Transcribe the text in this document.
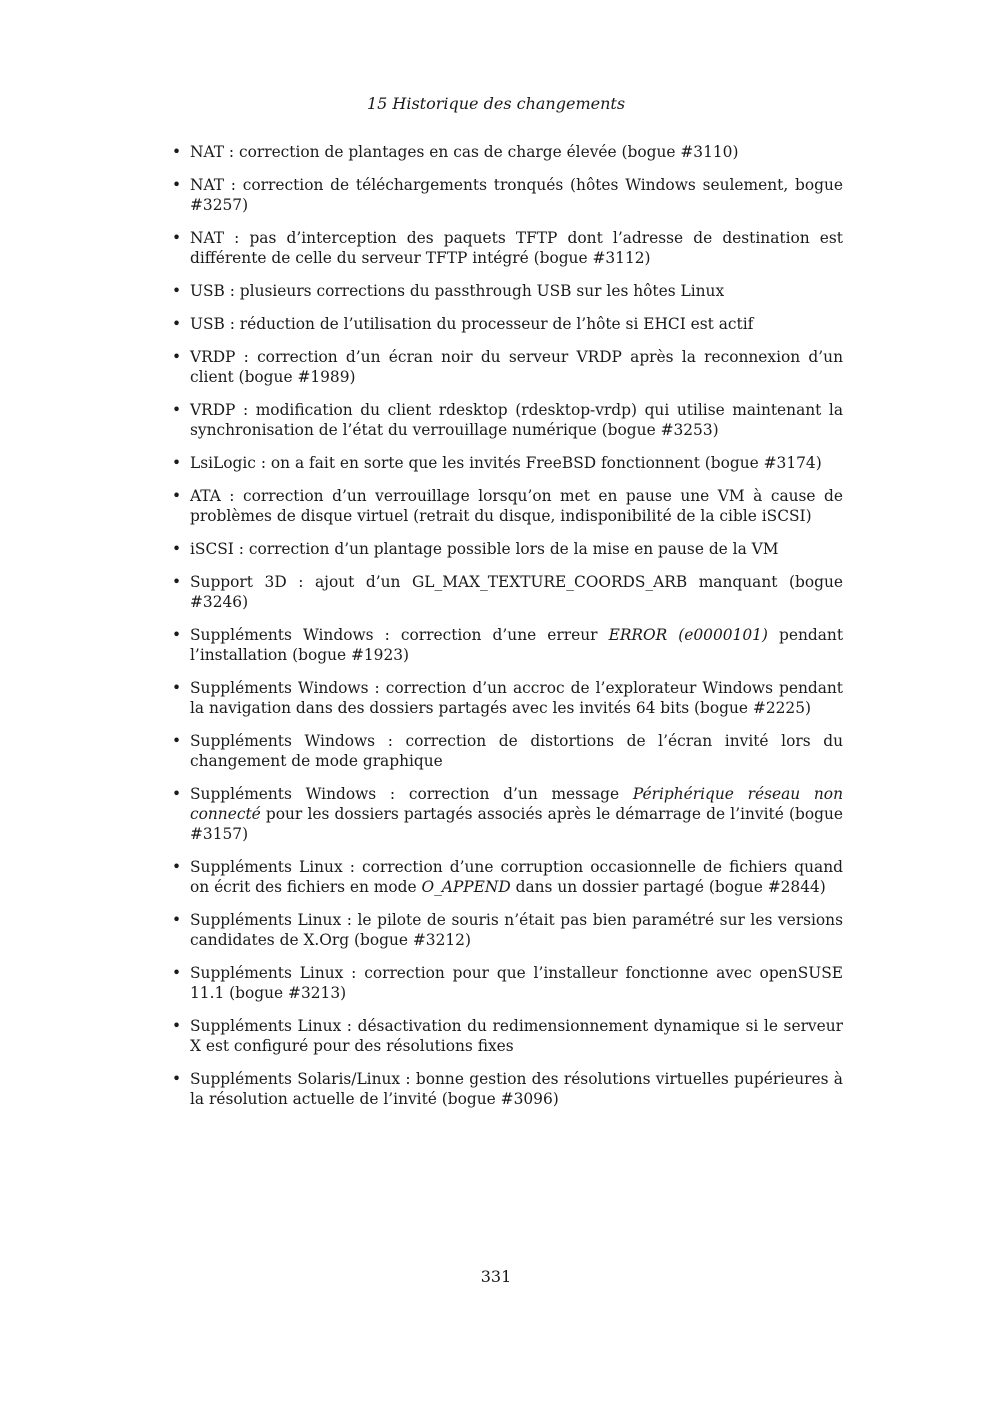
15 Historique des changements
• NAT : correction de plantages en cas de charge élevée (bogue #3110)
• NAT : correction de téléchargements tronqués (hôtes Windows seulement, bogue #3257)
• NAT : pas d’interception des paquets TFTP dont l’adresse de destination est différente de celle du serveur TFTP intégré (bogue #3112)
• USB : plusieurs corrections du passthrough USB sur les hôtes Linux
• USB : réduction de l’utilisation du processeur de l’hôte si EHCI est actif
• VRDP : correction d’un écran noir du serveur VRDP après la reconnexion d’un client (bogue #1989)
• VRDP : modification du client rdesktop (rdesktop-vrdp) qui utilise maintenant la synchronisation de l’état du verrouillage numérique (bogue #3253)
• LsiLogic : on a fait en sorte que les invités FreeBSD fonctionnent (bogue #3174)
• ATA : correction d’un verrouillage lorsqu’on met en pause une VM à cause de problèmes de disque virtuel (retrait du disque, indisponibilité de la cible iSCSI)
• iSCSI : correction d’un plantage possible lors de la mise en pause de la VM
• Support 3D : ajout d’un GL_MAX_TEXTURE_COORDS_ARB manquant (bogue #3246)
• Suppléments Windows : correction d’une erreur ERROR (e0000101) pendant l’installation (bogue #1923)
• Suppléments Windows : correction d’un accroc de l’explorateur Windows pendant la navigation dans des dossiers partagés avec les invités 64 bits (bogue #2225)
• Suppléments Windows : correction de distortions de l’écran invité lors du changement de mode graphique
• Suppléments Windows : correction d’un message Périphérique réseau non connecté pour les dossiers partagés associés après le démarrage de l’invité (bogue #3157)
• Suppléments Linux : correction d’une corruption occasionnelle de fichiers quand on écrit des fichiers en mode O_APPEND dans un dossier partagé (bogue #2844)
• Suppléments Linux : le pilote de souris n’était pas bien paramétré sur les versions candidates de X.Org (bogue #3212)
• Suppléments Linux : correction pour que l’installeur fonctionne avec openSUSE 11.1 (bogue #3213)
• Suppléments Linux : désactivation du redimensionnement dynamique si le serveur X est configuré pour des résolutions fixes
• Suppléments Solaris/Linux : bonne gestion des résolutions virtuelles pupérieures à la résolution actuelle de l’invité (bogue #3096)
331
